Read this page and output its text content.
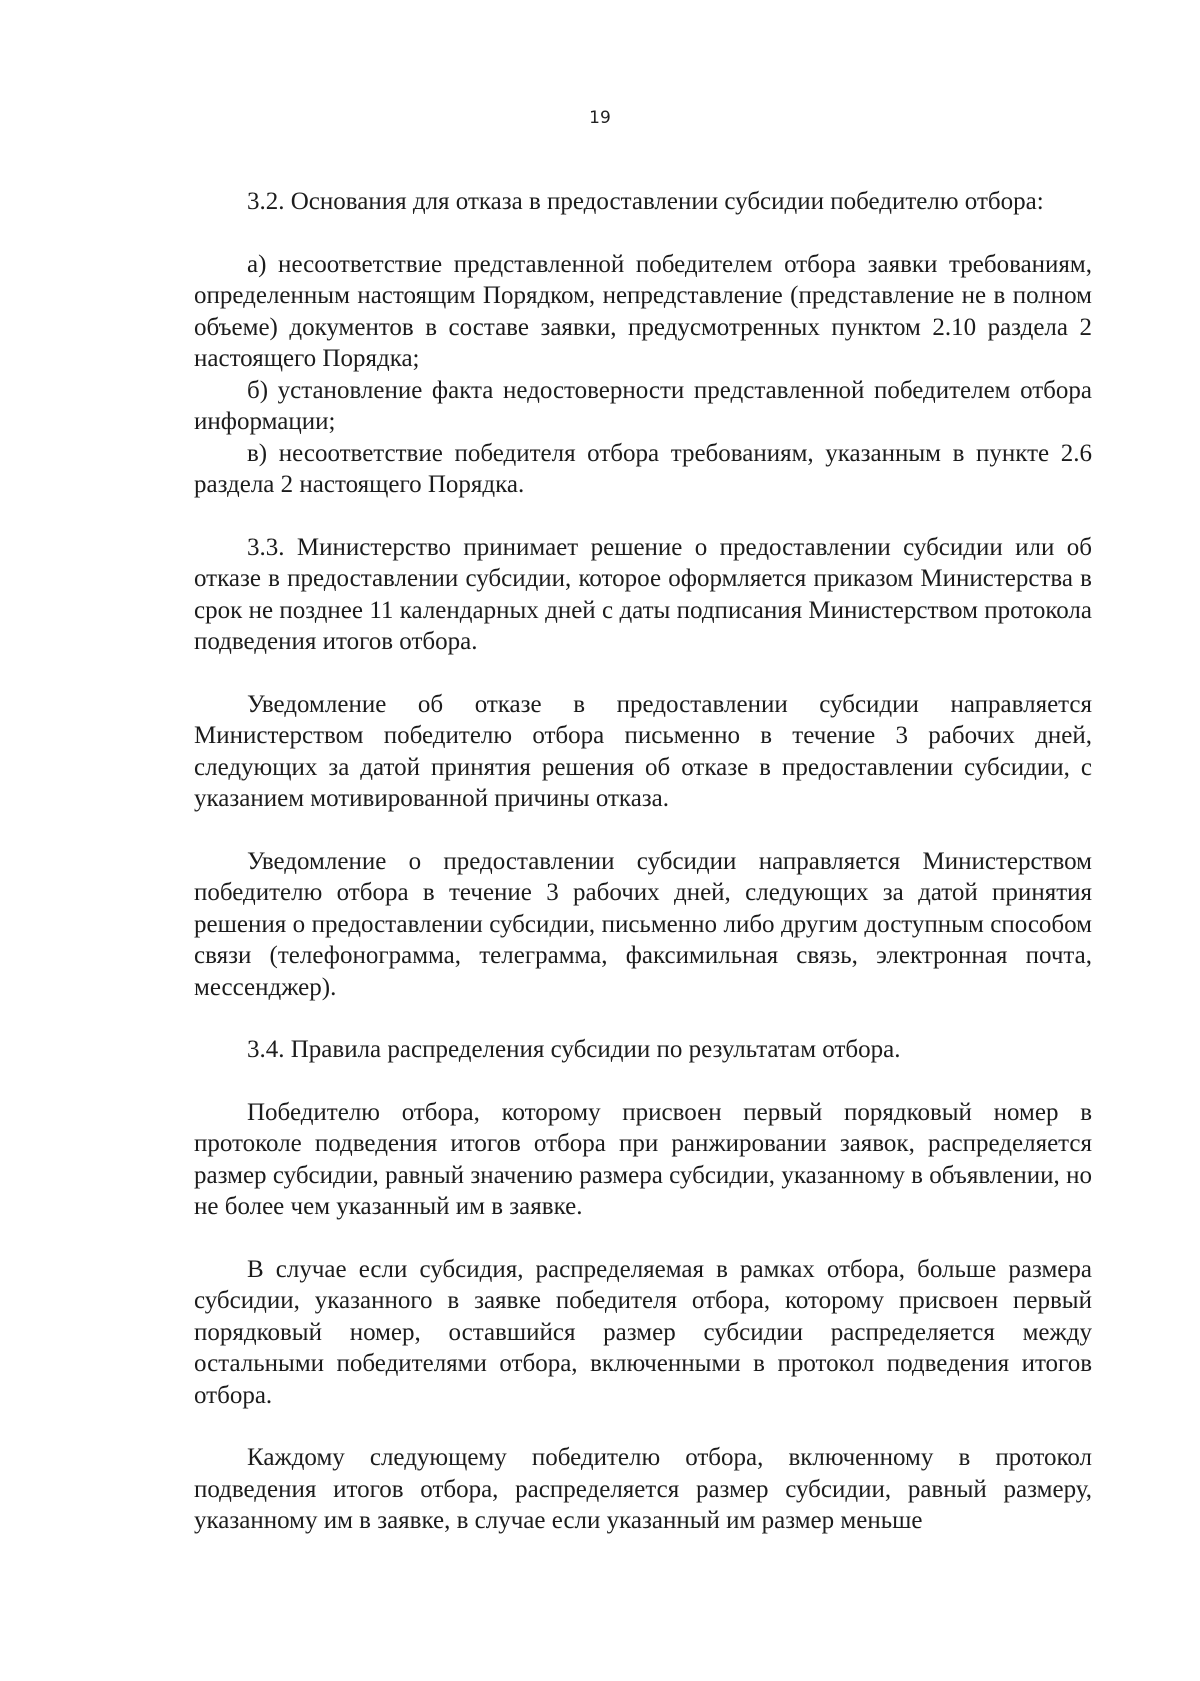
19

3.2. Основания для отказа в предоставлении субсидии победителю отбора:

а) несоответствие представленной победителем отбора заявки требованиям, определенным настоящим Порядком, непредставление (представление не в полном объеме) документов в составе заявки, предусмотренных пунктом 2.10 раздела 2 настоящего Порядка;

б) установление факта недостоверности представленной победителем отбора информации;

в) несоответствие победителя отбора требованиям, указанным в пункте 2.6 раздела 2 настоящего Порядка.

3.3. Министерство принимает решение о предоставлении субсидии или об отказе в предоставлении субсидии, которое оформляется приказом Министерства в срок не позднее 11 календарных дней с даты подписания Министерством протокола подведения итогов отбора.

Уведомление об отказе в предоставлении субсидии направляется Министерством победителю отбора письменно в течение 3 рабочих дней, следующих за датой принятия решения об отказе в предоставлении субсидии, с указанием мотивированной причины отказа.

Уведомление о предоставлении субсидии направляется Министерством победителю отбора в течение 3 рабочих дней, следующих за датой принятия решения о предоставлении субсидии, письменно либо другим доступным способом связи (телефонограмма, телеграмма, факсимильная связь, электронная почта, мессенджер).

3.4. Правила распределения субсидии по результатам отбора.

Победителю отбора, которому присвоен первый порядковый номер в протоколе подведения итогов отбора при ранжировании заявок, распределяется размер субсидии, равный значению размера субсидии, указанному в объявлении, но не более чем указанный им в заявке.

В случае если субсидия, распределяемая в рамках отбора, больше размера субсидии, указанного в заявке победителя отбора, которому присвоен первый порядковый номер, оставшийся размер субсидии распределяется между остальными победителями отбора, включенными в протокол подведения итогов отбора.

Каждому следующему победителю отбора, включенному в протокол подведения итогов отбора, распределяется размер субсидии, равный размеру, указанному им в заявке, в случае если указанный им размер меньше
